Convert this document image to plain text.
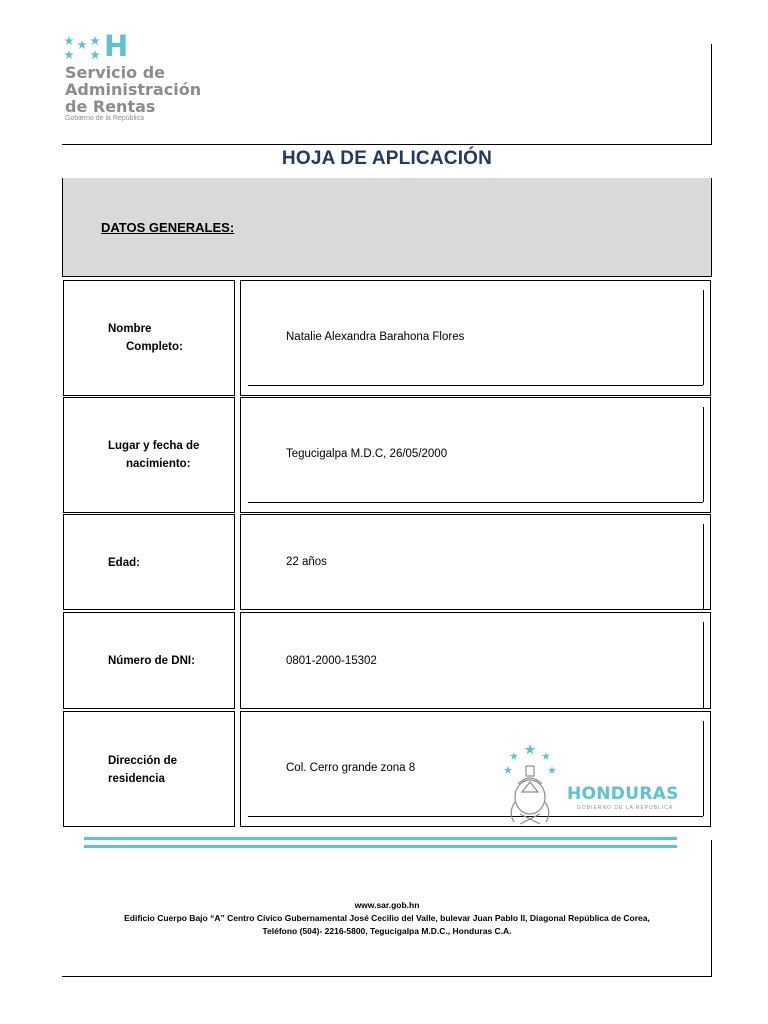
H
Servicio de
Administración
de Rentas
Gobierno de la República
HOJA DE APLICACIÓN
DATOS GENERALES:
Nombre
Completo:
Natalie Alexandra Barahona Flores
Lugar y fecha de
nacimiento:
Tegucigalpa M.D.C, 26/05/2000
Edad:	22 años
Número de DNI:	0801-2000-15302
Dirección de
residencia
Col. Cerro grande zona 8
HONDURAS
GOBIERNO DE LA REPÚBLICA
www.sar.gob.hn
Edificio Cuerpo Bajo “A” Centro Cívico Gubernamental José Cecilio del Valle, bulevar Juan Pablo II, Diagonal República de Corea,
Teléfono (504)- 2216-5800, Tegucigalpa M.D.C., Honduras C.A.
